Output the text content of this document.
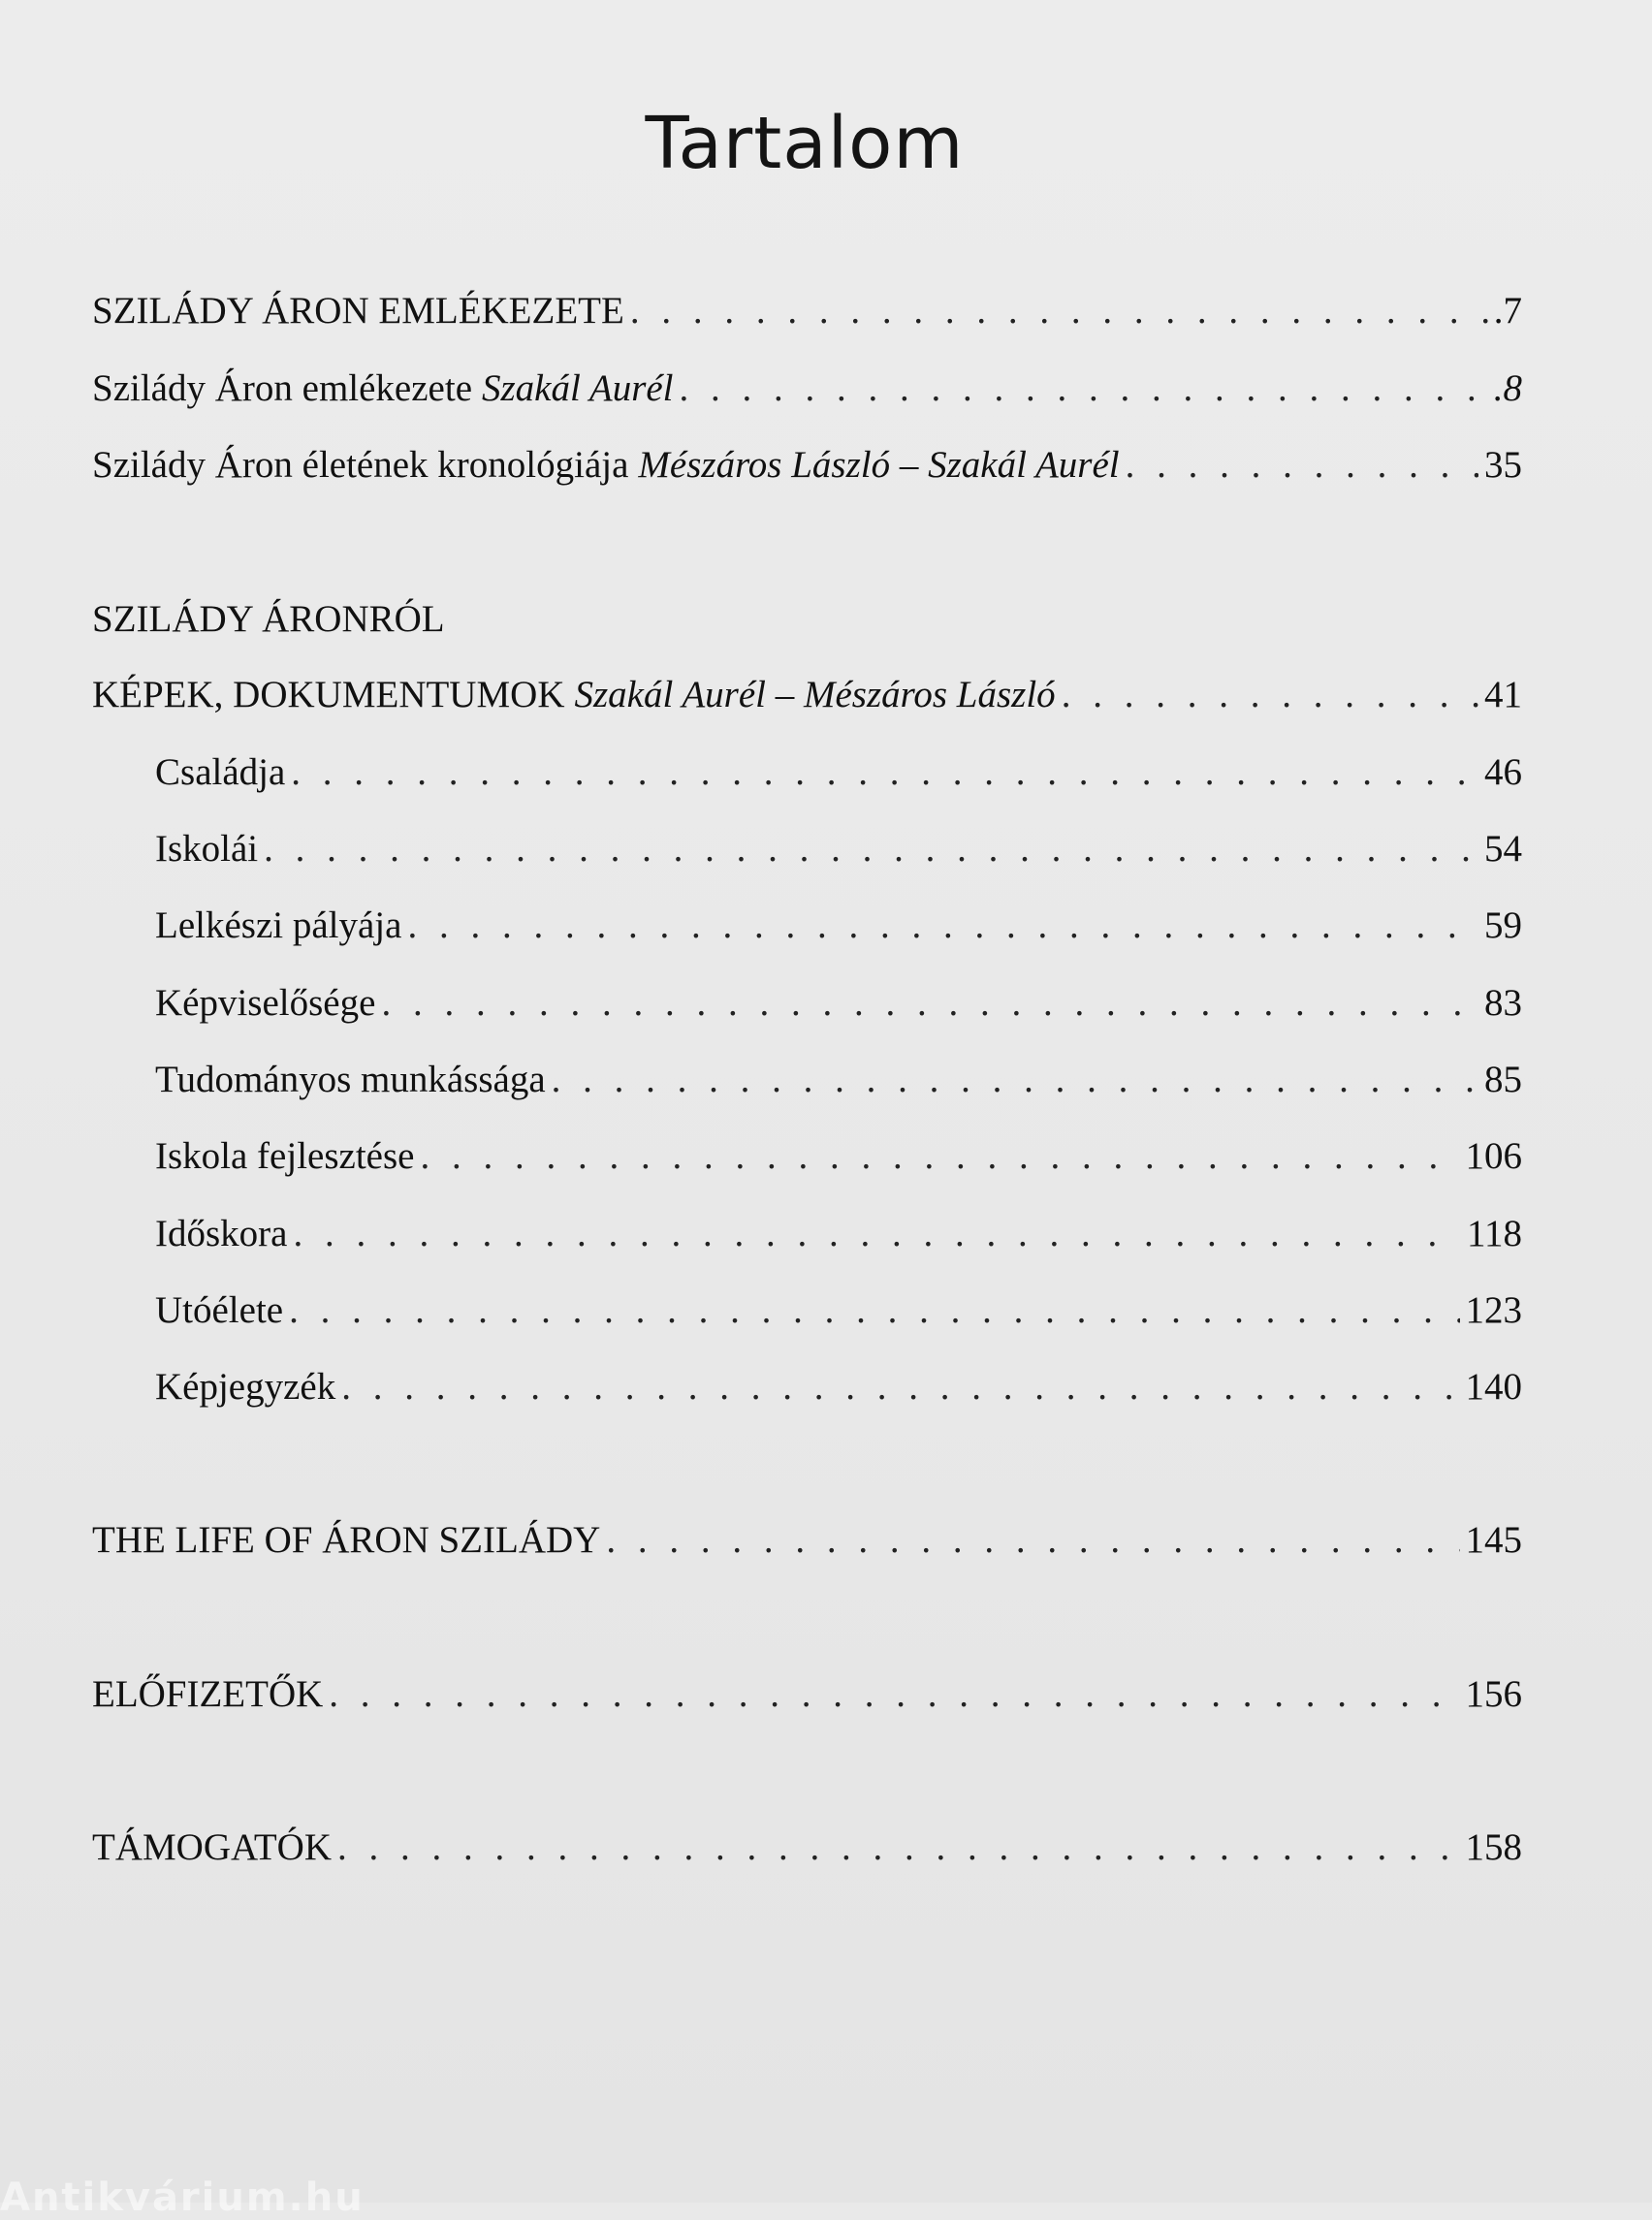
Tartalom
SZILÁDY ÁRON EMLÉKEZETE . . .	.7
Szilády Áron emlékezete Szakál Aurél . . .	.8
Szilády Áron életének kronológiája Mészáros László – Szakál Aurél . . .	35
SZILÁDY ÁRONRÓL
KÉPEK, DOKUMENTUMOK Szakál Aurél – Mészáros László . . .	41
Családja . . .	46
Iskolái . . .	54
Lelkészi pályája . . .	59
Képviselősége . . .	83
Tudományos munkássága . . .	85
Iskola fejlesztése . . .	106
Időskora . . .	118
Utóélete . . .	123
Képjegyzék . . .	140
THE LIFE OF ÁRON SZILÁDY . . .	145
ELŐFIZETŐK . . .	156
TÁMOGATÓK . . .	158
Antikvárium.hu
